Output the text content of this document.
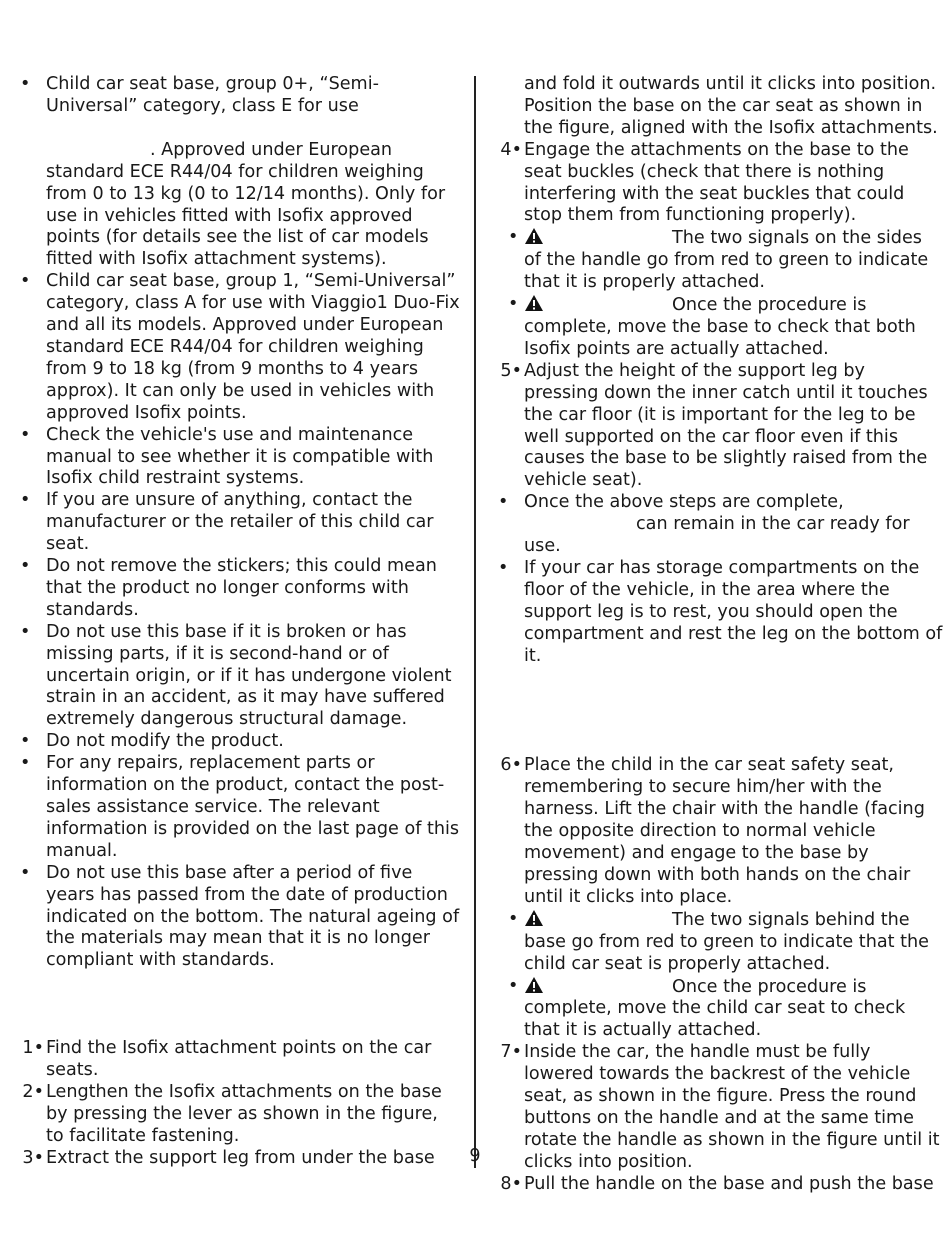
• Child car seat base, group 0+, “Semi-Universal” category, class E for use
. Approved under European standard ECE R44/04 for children weighing from 0 to 13 kg (0 to 12/14 months). Only for use in vehicles fitted with Isofix approved points (for details see the list of car models fitted with Isofix attachment systems).
• Child car seat base, group 1, “Semi-Universal” category, class A for use with Viaggio1 Duo-Fix and all its models. Approved under European standard ECE R44/04 for children weighing from 9 to 18 kg (from 9 months to 4 years approx). It can only be used in vehicles with approved Isofix points.
• Check the vehicle's use and maintenance manual to see whether it is compatible with Isofix child restraint systems.
• If you are unsure of anything, contact the manufacturer or the retailer of this child car seat.
• Do not remove the stickers; this could mean that the product no longer conforms with standards.
• Do not use this base if it is broken or has missing parts, if it is second-hand or of uncertain origin, or if it has undergone violent strain in an accident, as it may have suffered extremely dangerous structural damage.
• Do not modify the product.
• For any repairs, replacement parts or information on the product, contact the post-sales assistance service. The relevant information is provided on the last page of this manual.
• Do not use this base after a period of five years has passed from the date of production indicated on the bottom. The natural ageing of the materials may mean that it is no longer compliant with standards.
1• Find the Isofix attachment points on the car seats.
2• Lengthen the Isofix attachments on the base by pressing the lever as shown in the figure, to facilitate fastening.
3• Extract the support leg from under the base
and fold it outwards until it clicks into position. Position the base on the car seat as shown in the figure, aligned with the Isofix attachments.
4• Engage the attachments on the base to the seat buckles (check that there is nothing interfering with the seat buckles that could stop them from functioning properly).
•	The two signals on the sides of the handle go from red to green to indicate that it is properly attached.
•	Once the procedure is complete, move the base to check that both Isofix points are actually attached.
5• Adjust the height of the support leg by pressing down the inner catch until it touches the car floor (it is important for the leg to be well supported on the car floor even if this causes the base to be slightly raised from the vehicle seat).
• Once the above steps are complete,
can remain in the car ready for use.
• If your car has storage compartments on the floor of the vehicle, in the area where the support leg is to rest, you should open the compartment and rest the leg on the bottom of it.
6• Place the child in the car seat safety seat, remembering to secure him/her with the harness. Lift the chair with the handle (facing the opposite direction to normal vehicle movement) and engage to the base by pressing down with both hands on the chair until it clicks into place.
•	The two signals behind the base go from red to green to indicate that the child car seat is properly attached.
•	Once the procedure is complete, move the child car seat to check that it is actually attached.
7• Inside the car, the handle must be fully lowered towards the backrest of the vehicle seat, as shown in the figure. Press the round buttons on the handle and at the same time rotate the handle as shown in the figure until it clicks into position.
8• Pull the handle on the base and push the base
9
